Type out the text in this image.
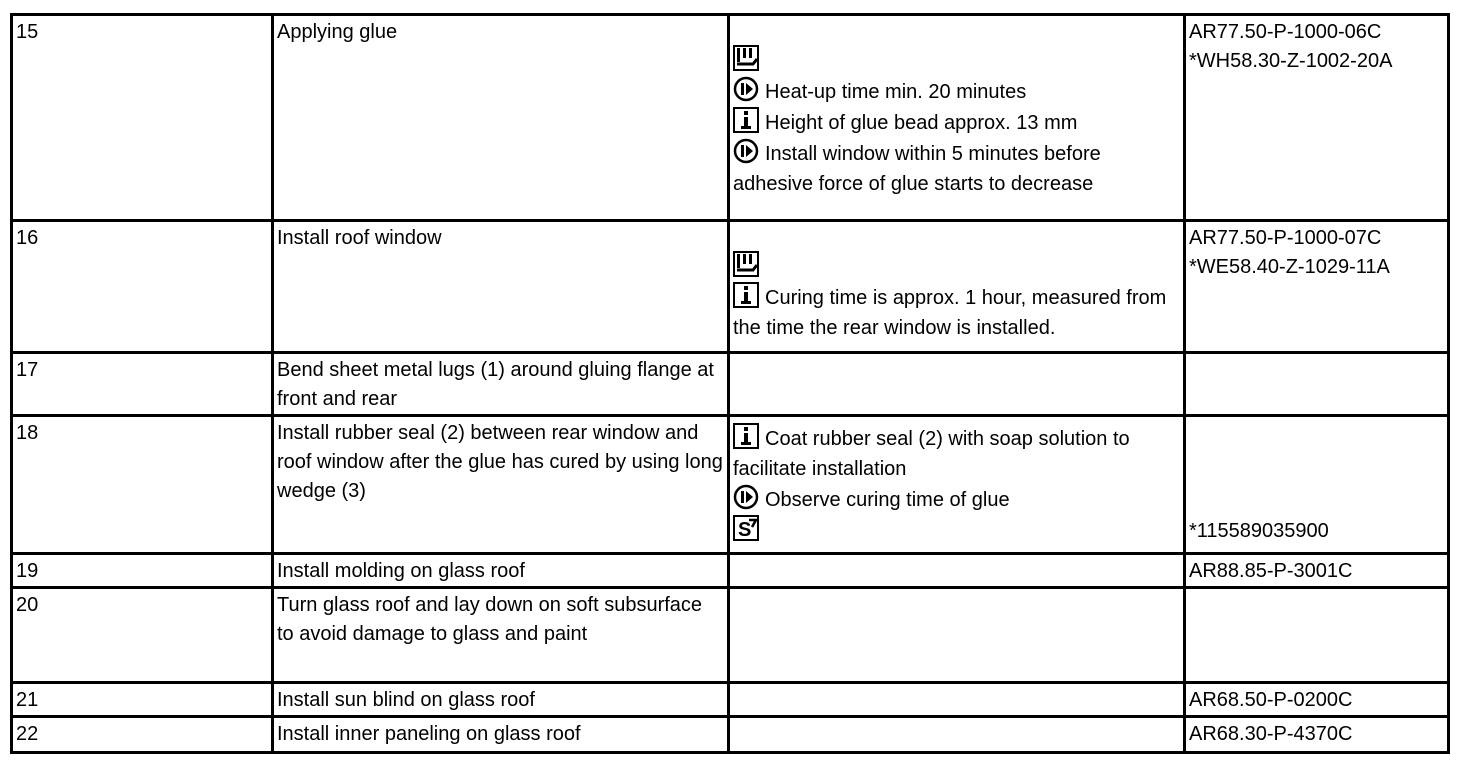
15	Applying glue	Heat-up time min. 20 minutes
Height of glue bead approx. 13 mm
Install window within 5 minutes before adhesive force of glue starts to decrease	AR77.50-P-1000-06C
*WH58.30-Z-1002-20A

16	Install roof window	Curing time is approx. 1 hour, measured from the time the rear window is installed.	AR77.50-P-1000-07C
*WE58.40-Z-1029-11A

17	Bend sheet metal lugs (1) around gluing flange at front and rear		
18	Install rubber seal (2) between rear window and roof window after the glue has cured by using long wedge (3)	Coat rubber seal (2) with soap solution to facilitate installation
Observe curing time of glue
S	*115589035900

19	Install molding on glass roof		AR88.85-P-3001C

20	Turn glass roof and lay down on soft subsurface to avoid damage to glass and paint		
21	Install sun blind on glass roof		AR68.50-P-0200C

22	Install inner paneling on glass roof		AR68.30-P-4370C
